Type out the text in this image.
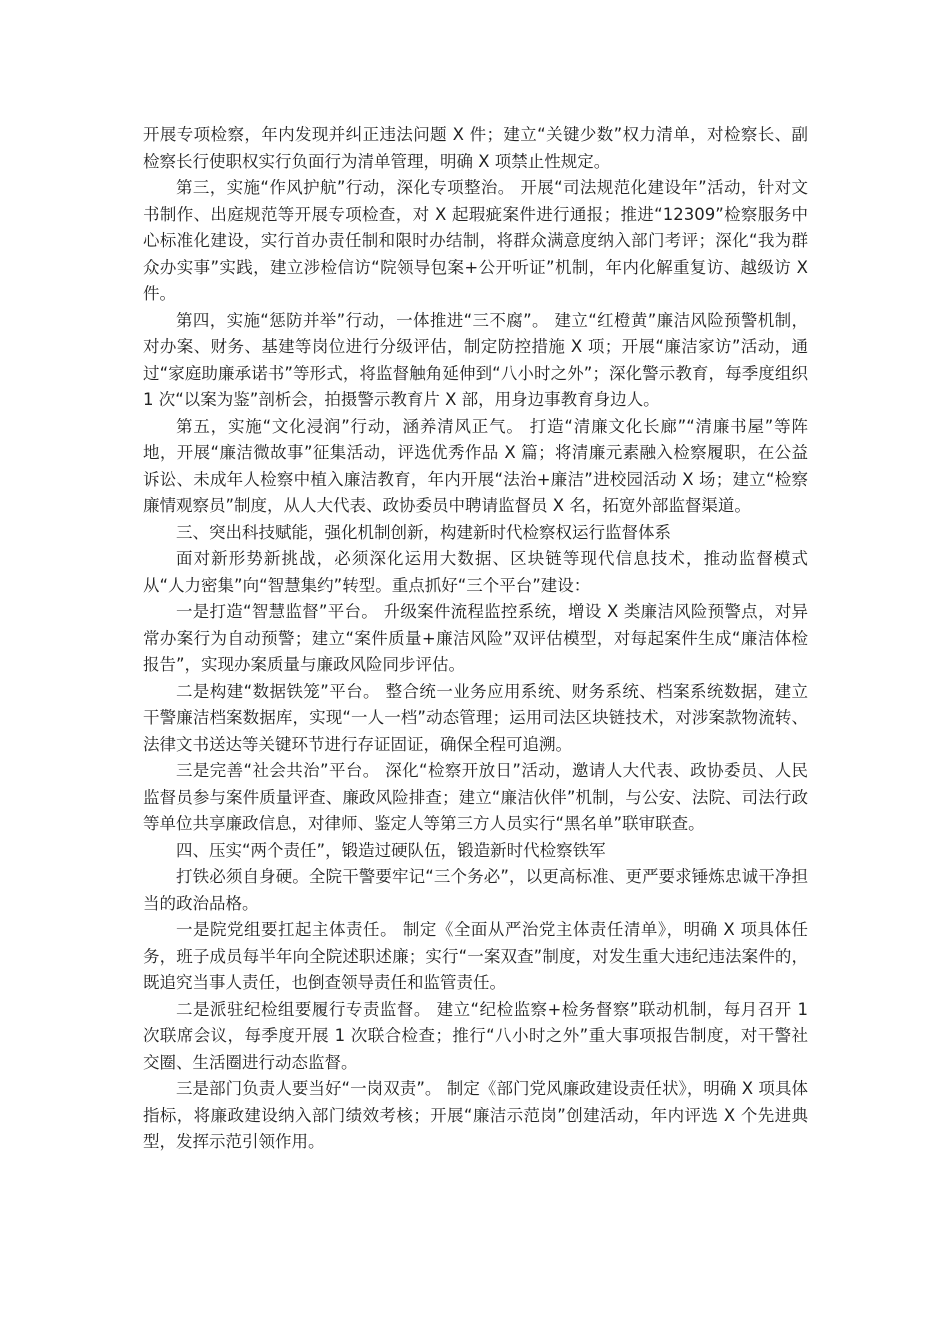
开展专项检察，年内发现并纠正违法问题 X 件；建立“关键少数”权力清单，对检察长、副检察长行使职权实行负面行为清单管理，明确 X 项禁止性规定。

第三，实施“作风护航”行动，深化专项整治。 开展“司法规范化建设年”活动，针对文书制作、出庭规范等开展专项检查，对 X 起瑕疵案件进行通报；推进“12309”检察服务中心标准化建设，实行首办责任制和限时办结制，将群众满意度纳入部门考评；深化“我为群众办实事”实践，建立涉检信访“院领导包案+公开听证”机制，年内化解重复访、越级访 X 件。

第四，实施“惩防并举”行动，一体推进“三不腐”。 建立“红橙黄”廉洁风险预警机制，对办案、财务、基建等岗位进行分级评估，制定防控措施 X 项；开展“廉洁家访”活动，通过“家庭助廉承诺书”等形式，将监督触角延伸到“八小时之外”；深化警示教育，每季度组织 1 次“以案为鉴”剖析会，拍摄警示教育片 X 部，用身边事教育身边人。

第五，实施“文化浸润”行动，涵养清风正气。 打造“清廉文化长廊”“清廉书屋”等阵地，开展“廉洁微故事”征集活动，评选优秀作品 X 篇；将清廉元素融入检察履职，在公益诉讼、未成年人检察中植入廉洁教育，年内开展“法治+廉洁”进校园活动 X 场；建立“检察廉情观察员”制度，从人大代表、政协委员中聘请监督员 X 名，拓宽外部监督渠道。

三、突出科技赋能，强化机制创新，构建新时代检察权运行监督体系

面对新形势新挑战，必须深化运用大数据、区块链等现代信息技术，推动监督模式从“人力密集”向“智慧集约”转型。重点抓好“三个平台”建设：

一是打造“智慧监督”平台。 升级案件流程监控系统，增设 X 类廉洁风险预警点，对异常办案行为自动预警；建立“案件质量+廉洁风险”双评估模型，对每起案件生成“廉洁体检报告”，实现办案质量与廉政风险同步评估。

二是构建“数据铁笼”平台。 整合统一业务应用系统、财务系统、档案系统数据，建立干警廉洁档案数据库，实现“一人一档”动态管理；运用司法区块链技术，对涉案款物流转、法律文书送达等关键环节进行存证固证，确保全程可追溯。

三是完善“社会共治”平台。 深化“检察开放日”活动，邀请人大代表、政协委员、人民监督员参与案件质量评查、廉政风险排查；建立“廉洁伙伴”机制，与公安、法院、司法行政等单位共享廉政信息，对律师、鉴定人等第三方人员实行“黑名单”联审联查。

四、压实“两个责任”，锻造过硬队伍，锻造新时代检察铁军

打铁必须自身硬。全院干警要牢记“三个务必”，以更高标准、更严要求锤炼忠诚干净担当的政治品格。

一是院党组要扛起主体责任。 制定《全面从严治党主体责任清单》，明确 X 项具体任务，班子成员每半年向全院述职述廉；实行“一案双查”制度，对发生重大违纪违法案件的，既追究当事人责任，也倒查领导责任和监管责任。

二是派驻纪检组要履行专责监督。 建立“纪检监察+检务督察”联动机制，每月召开 1 次联席会议，每季度开展 1 次联合检查；推行“八小时之外”重大事项报告制度，对干警社交圈、生活圈进行动态监督。

三是部门负责人要当好“一岗双责”。 制定《部门党风廉政建设责任状》，明确 X 项具体指标，将廉政建设纳入部门绩效考核；开展“廉洁示范岗”创建活动，年内评选 X 个先进典型，发挥示范引领作用。
